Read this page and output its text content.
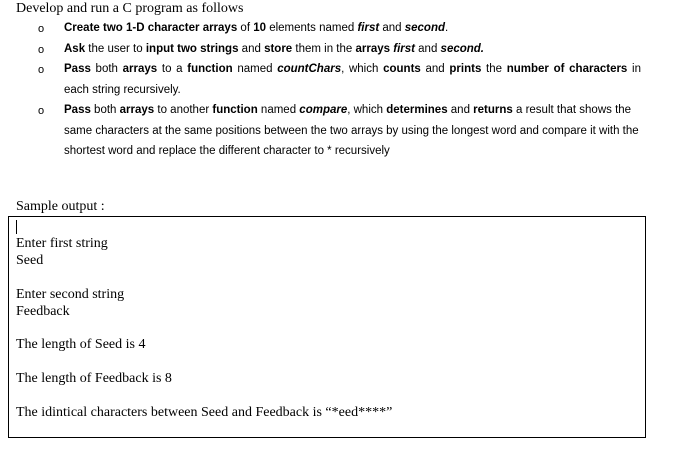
Develop and run a C program as follows
o Create two 1-D character arrays of 10 elements named first and second.
o Ask the user to input two strings and store them in the arrays first and second.
o Pass both arrays to a function named countChars, which counts and prints the number of characters in each string recursively.
o Pass both arrays to another function named compare, which determines and returns a result that shows the same characters at the same positions between the two arrays by using the longest word and compare it with the shortest word and replace the different character to * recursively
Sample output :
Enter first string
Seed
Enter second string
Feedback
The length of Seed is 4
The length of Feedback is 8
The idintical characters between Seed and Feedback is “*eed****”
